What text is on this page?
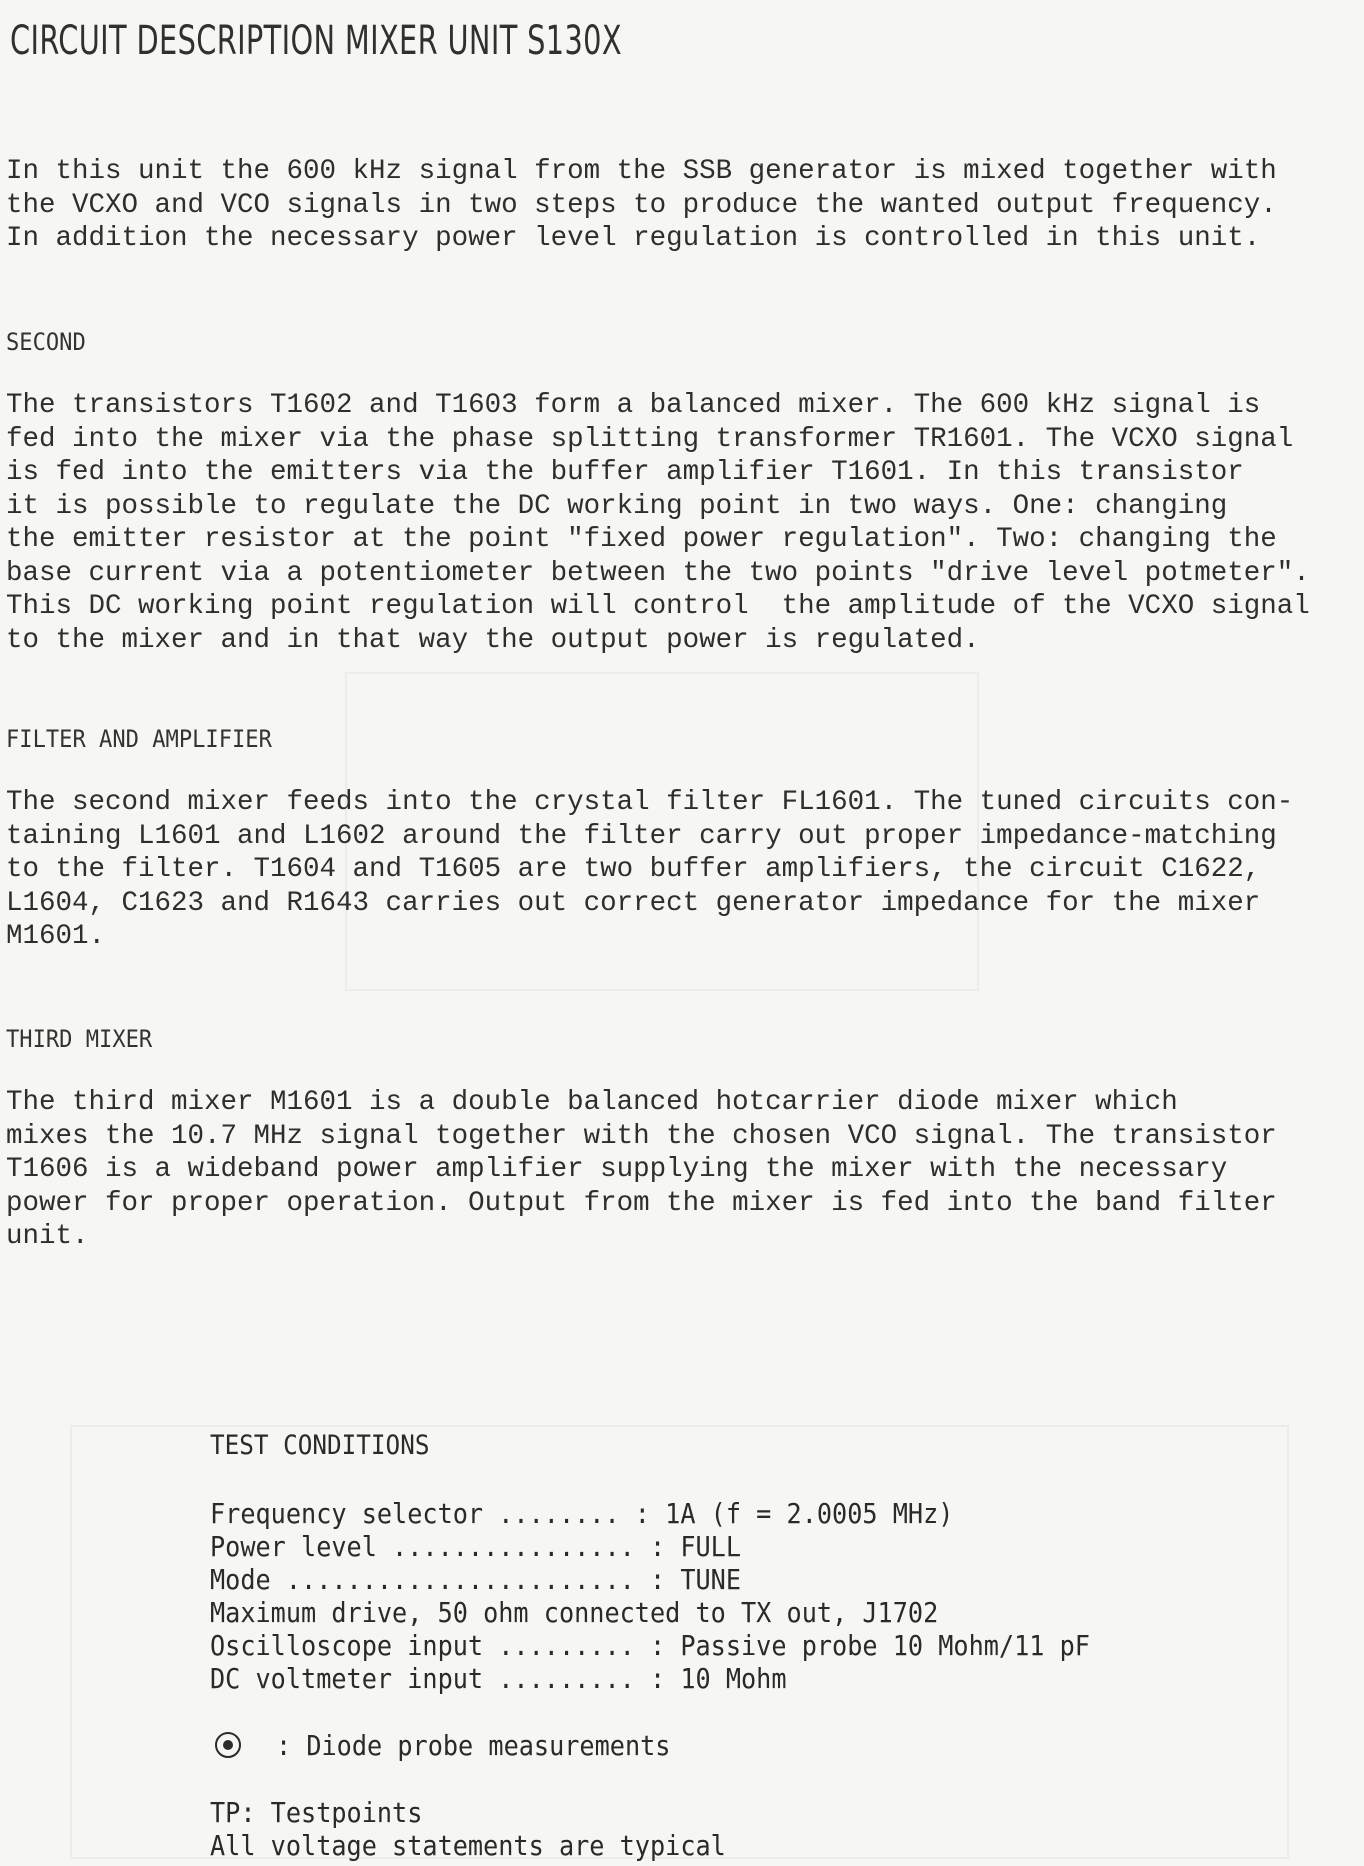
CIRCUIT DESCRIPTION MIXER UNIT S130X

In this unit the 600 kHz signal from the SSB generator is mixed together with
the VCXO and VCO signals in two steps to produce the wanted output frequency.
In addition the necessary power level regulation is controlled in this unit.

SECOND

The transistors T1602 and T1603 form a balanced mixer. The 600 kHz signal is
fed into the mixer via the phase splitting transformer TR1601. The VCXO signal
is fed into the emitters via the buffer amplifier T1601. In this transistor
it is possible to regulate the DC working point in two ways. One: changing
the emitter resistor at the point "fixed power regulation". Two: changing the
base current via a potentiometer between the two points "drive level potmeter".
This DC working point regulation will control  the amplitude of the VCXO signal
to the mixer and in that way the output power is regulated.

FILTER AND AMPLIFIER

The second mixer feeds into the crystal filter FL1601. The tuned circuits con-
taining L1601 and L1602 around the filter carry out proper impedance-matching
to the filter. T1604 and T1605 are two buffer amplifiers, the circuit C1622,
L1604, C1623 and R1643 carries out correct generator impedance for the mixer
M1601.

THIRD MIXER

The third mixer M1601 is a double balanced hotcarrier diode mixer which
mixes the 10.7 MHz signal together with the chosen VCO signal. The transistor
T1606 is a wideband power amplifier supplying the mixer with the necessary
power for proper operation. Output from the mixer is fed into the band filter
unit.

TEST CONDITIONS
Frequency selector ........ : 1A (f = 2.0005 MHz)
Power level ................ : FULL
Mode ....................... : TUNE
Maximum drive, 50 ohm connected to TX out, J1702
Oscilloscope input ......... : Passive probe 10 Mohm/11 pF
DC voltmeter input ......... : 10 Mohm
: Diode probe measurements
TP: Testpoints
All voltage statements are typical
